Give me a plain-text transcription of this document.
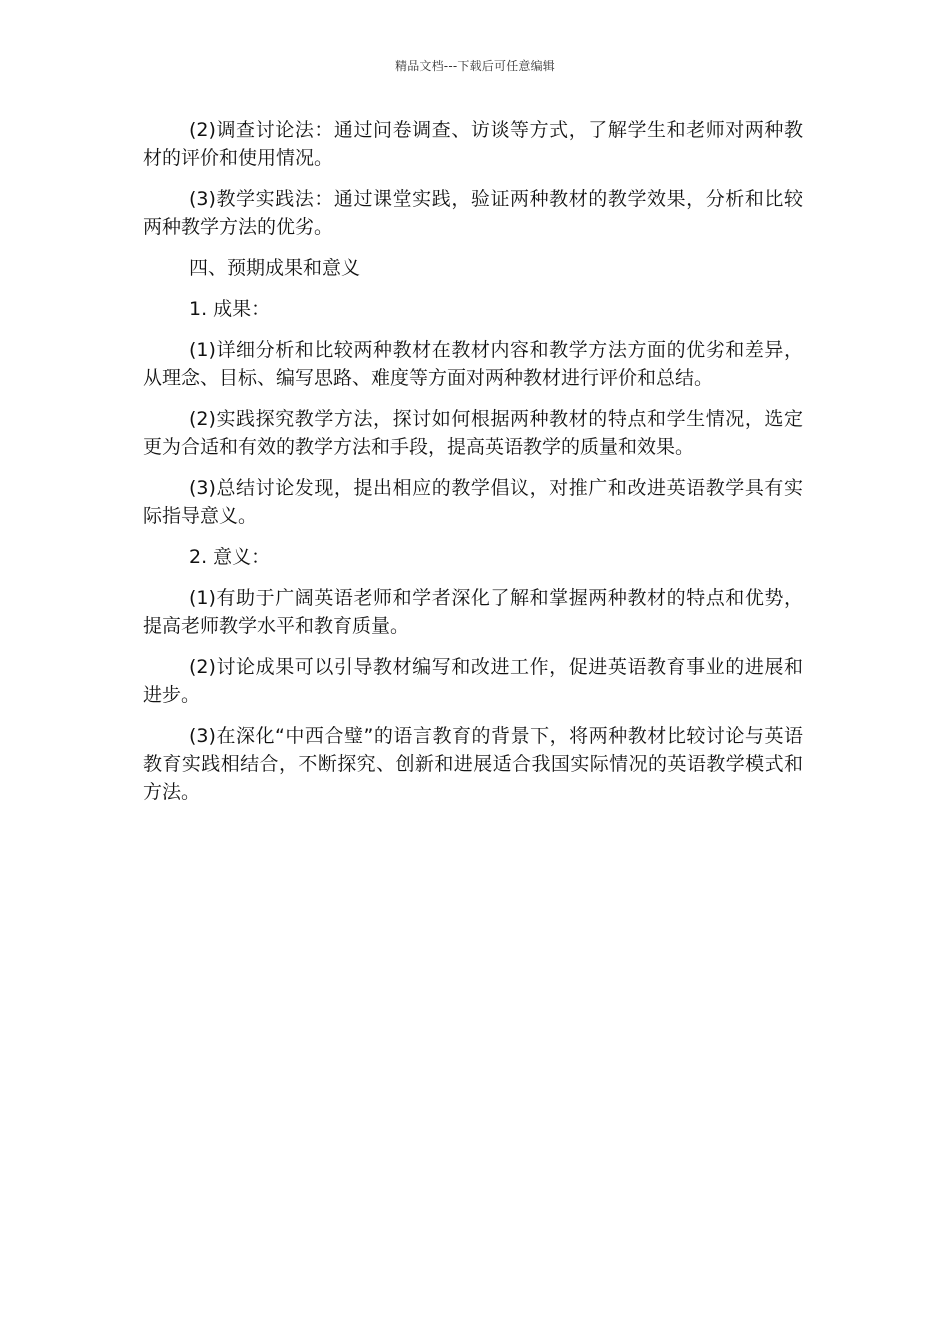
精品文档---下载后可任意编辑

(2)调查讨论法：通过问卷调查、访谈等方式，了解学生和老师对两种教材的评价和使用情况。

(3)教学实践法：通过课堂实践，验证两种教材的教学效果，分析和比较两种教学方法的优劣。

四、预期成果和意义

1. 成果：

(1)详细分析和比较两种教材在教材内容和教学方法方面的优劣和差异，从理念、目标、编写思路、难度等方面对两种教材进行评价和总结。

(2)实践探究教学方法，探讨如何根据两种教材的特点和学生情况，选定更为合适和有效的教学方法和手段，提高英语教学的质量和效果。

(3)总结讨论发现，提出相应的教学倡议，对推广和改进英语教学具有实际指导意义。

2. 意义：

(1)有助于广阔英语老师和学者深化了解和掌握两种教材的特点和优势，提高老师教学水平和教育质量。

(2)讨论成果可以引导教材编写和改进工作，促进英语教育事业的进展和进步。

(3)在深化“中西合璧”的语言教育的背景下，将两种教材比较讨论与英语教育实践相结合，不断探究、创新和进展适合我国实际情况的英语教学模式和方法。
